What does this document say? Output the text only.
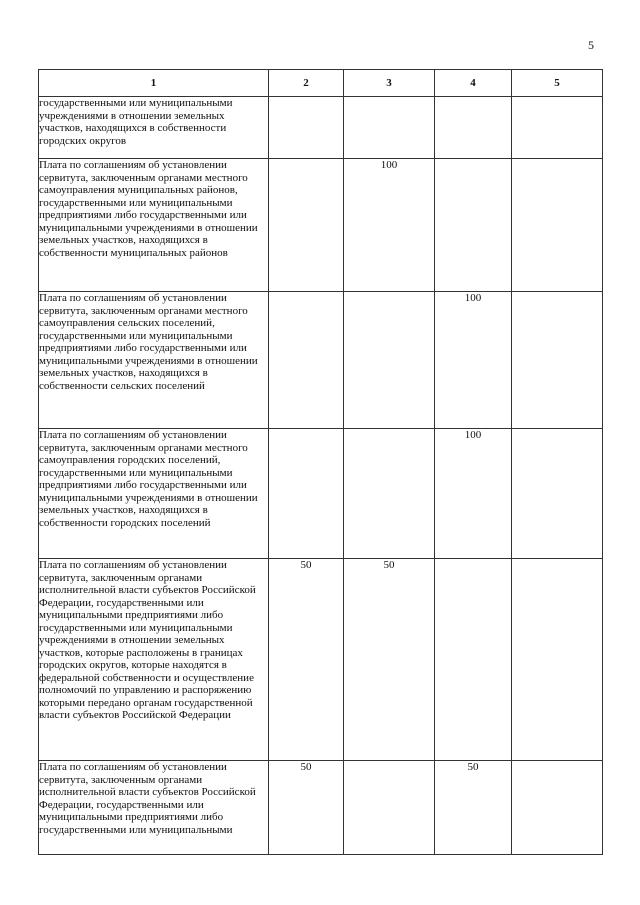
5
1	2	3	4	5

государственными или муниципальными учреждениями в отношении земельных участков, находящихся в собственности городских округов				

Плата по соглашениям об установлении сервитута, заключенным органами местного самоуправления муниципальных районов, государственными или муниципальными предприятиями либо государственными или муниципальными учреждениями в отношении земельных участков, находящихся в собственности муниципальных районов		100		

Плата по соглашениям об установлении сервитута, заключенным органами местного самоуправления сельских поселений, государственными или муниципальными предприятиями либо государственными или муниципальными учреждениями в отношении земельных участков, находящихся в собственности сельских поселений			100	

Плата по соглашениям об установлении сервитута, заключенным органами местного самоуправления городских поселений, государственными или муниципальными предприятиями либо государственными или муниципальными учреждениями в отношении земельных участков, находящихся в собственности городских поселений			100	

Плата по соглашениям об установлении сервитута, заключенным органами исполнительной власти субъектов Российской Федерации, государственными или муниципальными предприятиями либо государственными или муниципальными учреждениями в отношении земельных участков, которые расположены в границах городских округов, которые находятся в федеральной собственности и осуществление полномочий по управлению и распоряжению которыми передано органам государственной власти субъектов Российской Федерации	50	50		

Плата по соглашениям об установлении сервитута, заключенным органами исполнительной власти субъектов Российской Федерации, государственными или муниципальными предприятиями либо государственными или муниципальными	50		50	
